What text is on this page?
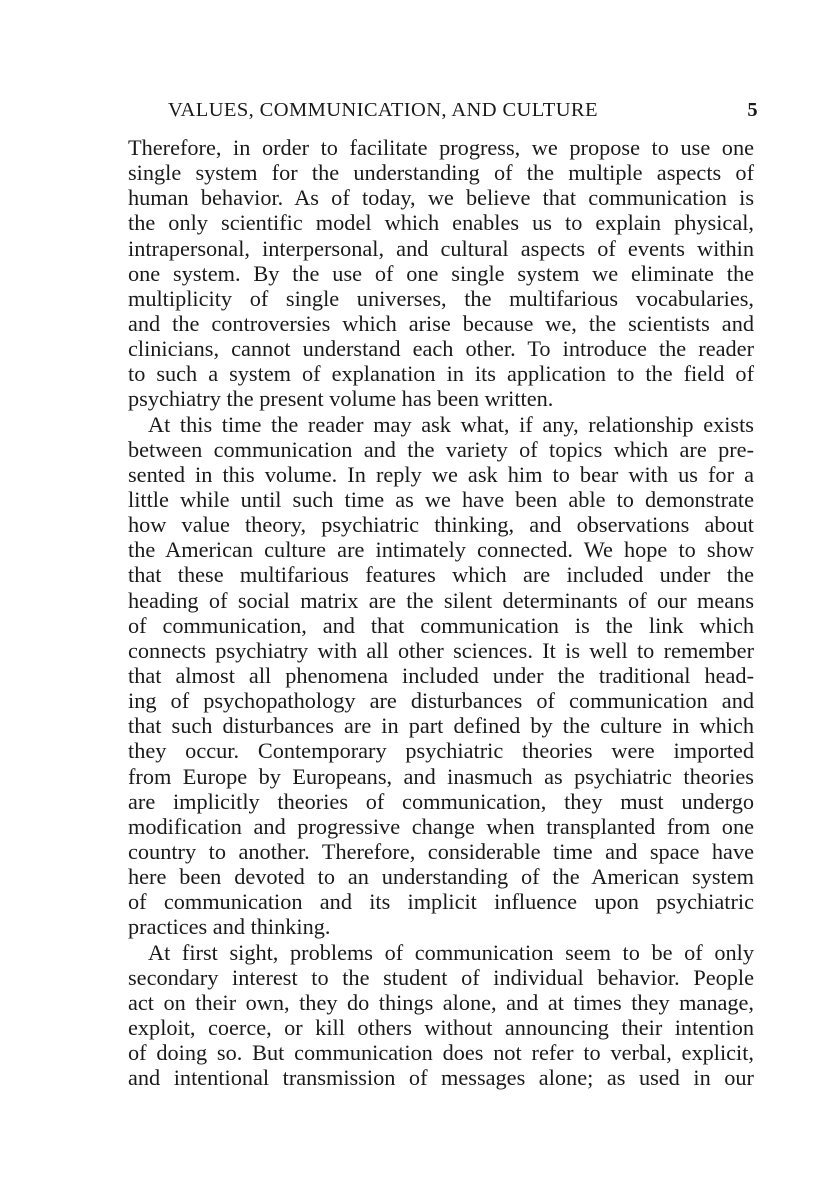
VALUES, COMMUNICATION, AND CULTURE	5
Therefore, in order to facilitate progress, we propose to use one
single system for the understanding of the multiple aspects of
human behavior. As of today, we believe that communication is
the only scientific model which enables us to explain physical,
intrapersonal, interpersonal, and cultural aspects of events within
one system. By the use of one single system we eliminate the
multiplicity of single universes, the multifarious vocabularies,
and the controversies which arise because we, the scientists and
clinicians, cannot understand each other. To introduce the reader
to such a system of explanation in its application to the field of
psychiatry the present volume has been written.
At this time the reader may ask what, if any, relationship exists
between communication and the variety of topics which are pre-
sented in this volume. In reply we ask him to bear with us for a
little while until such time as we have been able to demonstrate
how value theory, psychiatric thinking, and observations about
the American culture are intimately connected. We hope to show
that these multifarious features which are included under the
heading of social matrix are the silent determinants of our means
of communication, and that communication is the link which
connects psychiatry with all other sciences. It is well to remember
that almost all phenomena included under the traditional head-
ing of psychopathology are disturbances of communication and
that such disturbances are in part defined by the culture in which
they occur. Contemporary psychiatric theories were imported
from Europe by Europeans, and inasmuch as psychiatric theories
are implicitly theories of communication, they must undergo
modification and progressive change when transplanted from one
country to another. Therefore, considerable time and space have
here been devoted to an understanding of the American system
of communication and its implicit influence upon psychiatric
practices and thinking.
At first sight, problems of communication seem to be of only
secondary interest to the student of individual behavior. People
act on their own, they do things alone, and at times they manage,
exploit, coerce, or kill others without announcing their intention
of doing so. But communication does not refer to verbal, explicit,
and intentional transmission of messages alone; as used in our
